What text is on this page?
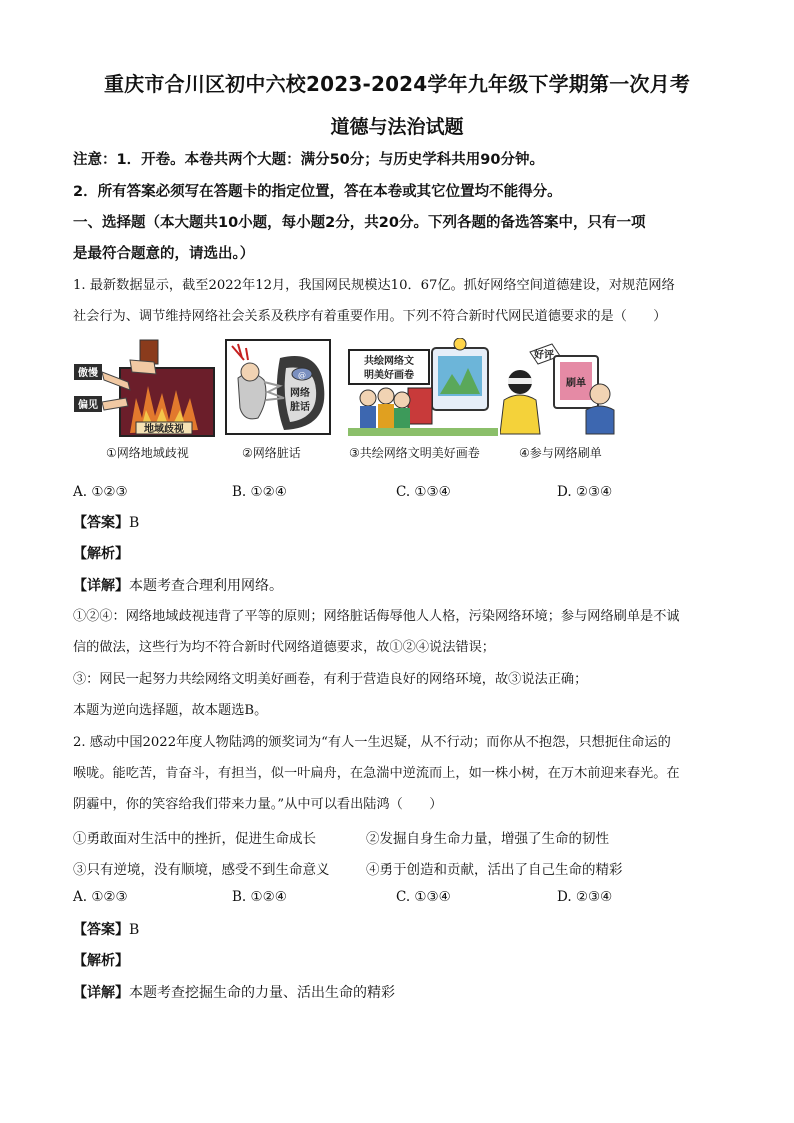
重庆市合川区初中六校2023-2024学年九年级下学期第一次月考
道德与法治试题
注意：1．开卷。本卷共两个大题：满分50分；与历史学科共用90分钟。
2．所有答案必须写在答题卡的指定位置，答在本卷或其它位置均不能得分。
一、选择题（本大题共10小题，每小题2分，共20分。下列各题的备选答案中，只有一项
是最符合题意的，请选出。）
1. 最新数据显示，截至2022年12月，我国网民规模达10．67亿。抓好网络空间道德建设，对规范网络
社会行为、调节维持网络社会关系及秩序有着重要作用。下列不符合新时代网民道德要求的是（　　）
地域歧视
傲慢
偏见
①网络地域歧视
@
网络
脏话
②网络脏话
共绘网络文
明美好画卷
③共绘网络文明美好画卷
好评
刷单
④参与网络刷单
A. ①②③	B. ①②④	C. ①③④	D. ②③④
【答案】B
【解析】
【详解】本题考查合理利用网络。
①②④：网络地域歧视违背了平等的原则；网络脏话侮辱他人人格，污染网络环境；参与网络刷单是不诚
信的做法，这些行为均不符合新时代网络道德要求，故①②④说法错误；
③：网民一起努力共绘网络文明美好画卷，有利于营造良好的网络环境，故③说法正确；
本题为逆向选择题，故本题选B。
2. 感动中国2022年度人物陆鸿的颁奖词为“有人一生迟疑，从不行动；而你从不抱怨，只想扼住命运的
喉咙。能吃苦，肯奋斗，有担当，似一叶扁舟，在急湍中逆流而上，如一株小树，在万木前迎来春光。在
阴霾中，你的笑容给我们带来力量。”从中可以看出陆鸿（　　）
①勇敢面对生活中的挫折，促进生命成长	②发掘自身生命力量，增强了生命的韧性
③只有逆境，没有顺境，感受不到生命意义	④勇于创造和贡献，活出了自己生命的精彩
A. ①②③	B. ①②④	C. ①③④	D. ②③④
【答案】B
【解析】
【详解】本题考查挖掘生命的力量、活出生命的精彩
